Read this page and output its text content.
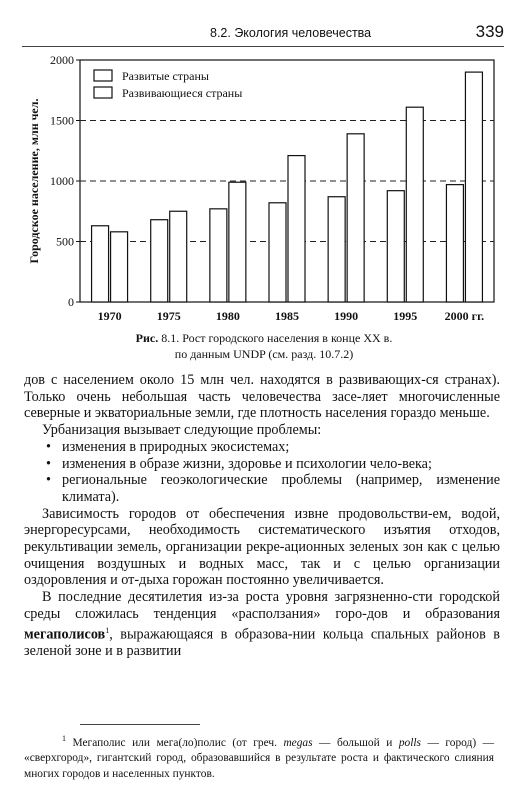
8.2. Экология человечества	339
0
500
1000
1500
2000
Городское население, млн чел.
1970	1975	1980	1985	1990	1995 2000 гг.
Развитые страны
Развивающиеся страны
Рис. 8.1. Рост городского населения в конце XX в.
по данным UNDP (см. разд. 10.7.2)

дов с населением около 15 млн чел. находятся в развивающих-ся странах). Только очень небольшая часть человечества засе-ляет многочисленные северные и экваториальные земли, где плотность населения гораздо меньше.

Урбанизация вызывает следующие проблемы:

• изменения в природных экосистемах;
• изменения в образе жизни, здоровье и психологии чело-века;
• региональные геоэкологические проблемы (например, изменение климата).

Зависимость городов от обеспечения извне продовольстви-ем, водой, энергоресурсами, необходимость систематического изъятия отходов, рекультивации земель, организации рекре-ационных зеленых зон как с целью очищения воздушных и водных масс, так и с целью организации оздоровления и от-дыха горожан постоянно увеличивается.

В последние десятилетия из-за роста уровня загрязненно-сти городской среды сложилась тенденция «расползания» горо-дов и образования мегаполисов$^1$, выражающаяся в образова-нии кольца спальных районов в зеленой зоне и в развитии

$^1$ Мегаполис или мега(ло)полис (от греч. megas — большой и polls — город) — «сверхгород», гигантский город, образовавшийся в результате роста и фактического слияния многих городов и населенных пунктов.
